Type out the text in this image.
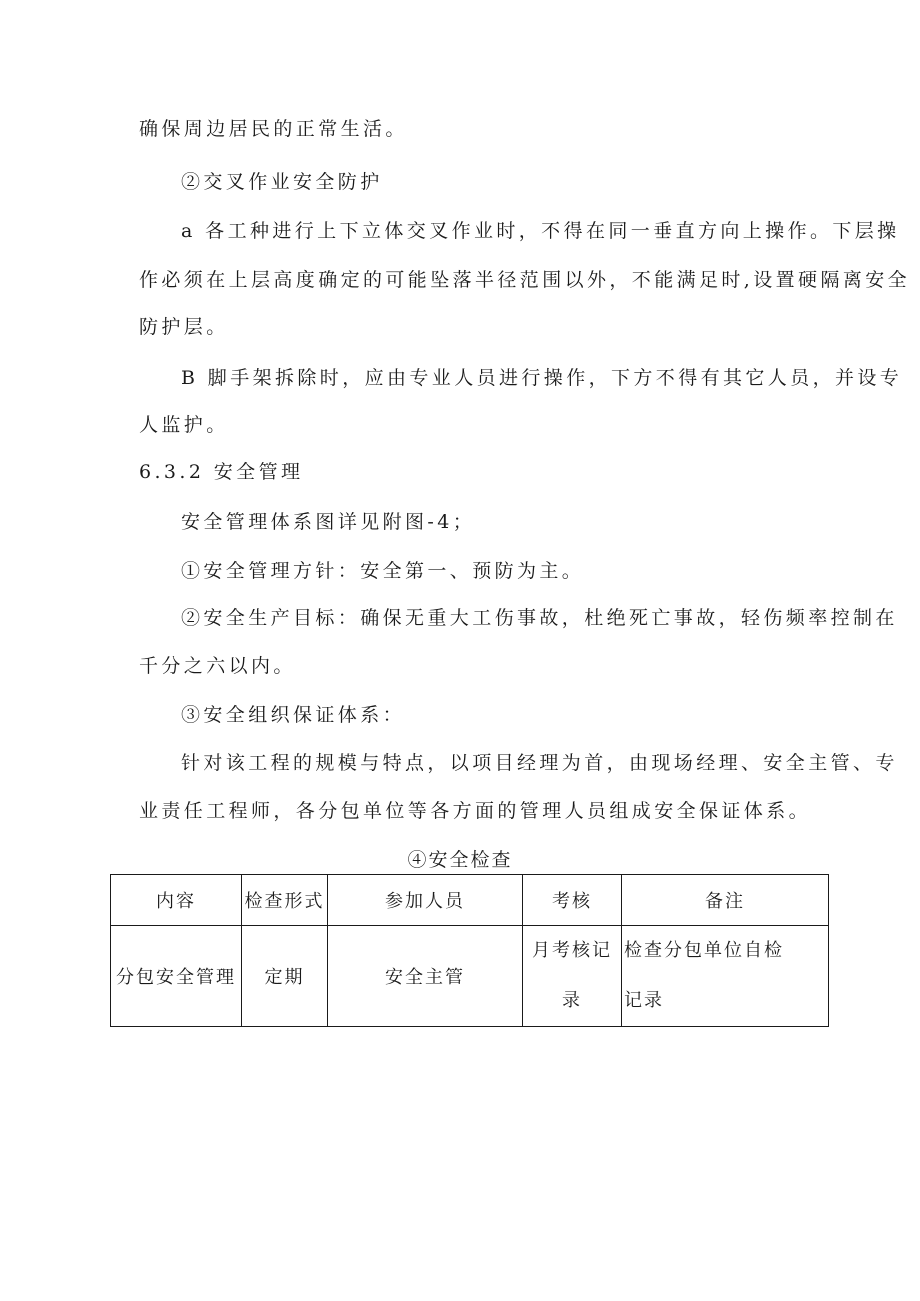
确保周边居民的正常生活。
②交叉作业安全防护
a 各工种进行上下立体交叉作业时，不得在同一垂直方向上操作。下层操
作必须在上层高度确定的可能坠落半径范围以外，不能满足时,设置硬隔离安全
防护层。
B 脚手架拆除时，应由专业人员进行操作，下方不得有其它人员，并设专
人监护。
6.3.2 安全管理
安全管理体系图详见附图-4；
①安全管理方针：安全第一、预防为主。
②安全生产目标：确保无重大工伤事故，杜绝死亡事故，轻伤频率控制在
千分之六以内。
③安全组织保证体系：
针对该工程的规模与特点，以项目经理为首，由现场经理、安全主管、专
业责任工程师，各分包单位等各方面的管理人员组成安全保证体系。
④安全检查
内容	检查形式	参加人员	考核	备注
分包安全管理	定期	安全主管	月考核记录	检查分包单位自检记录
